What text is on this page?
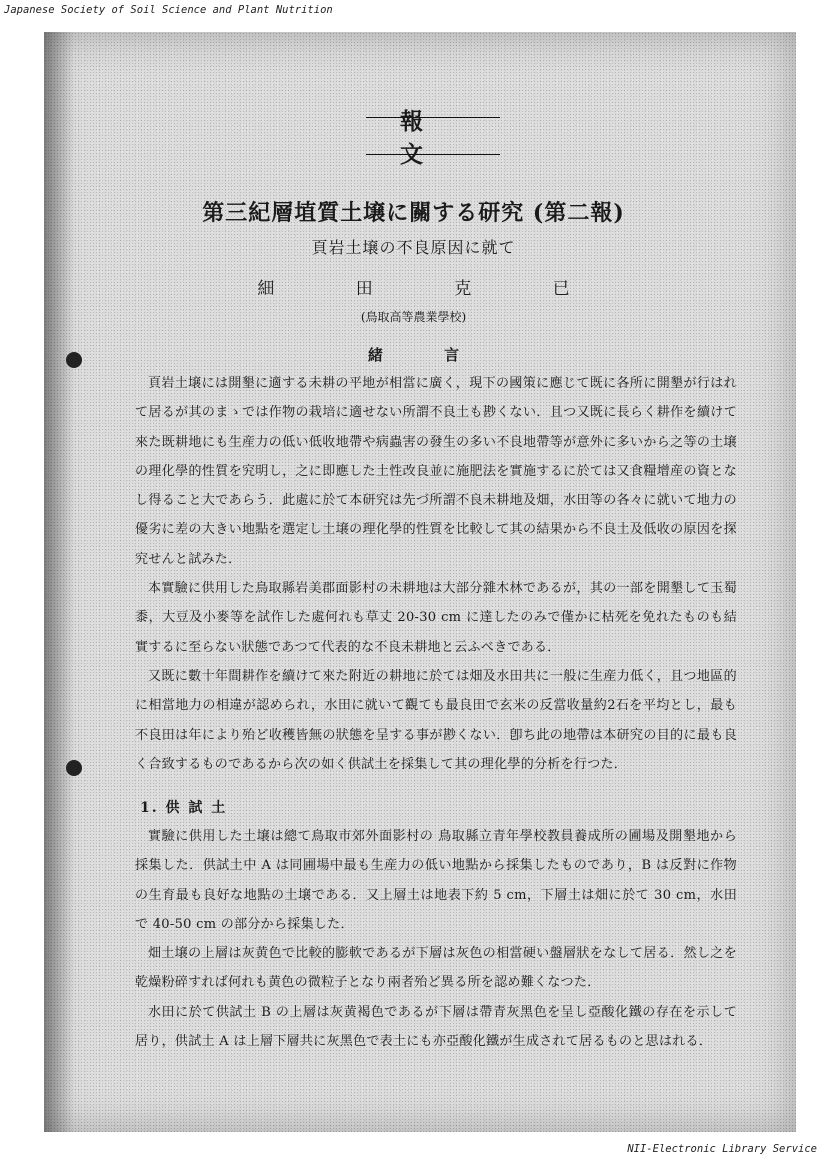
Japanese Society of Soil Science and Plant Nutrition
報 文
第三紀層埴質土壌に關する研究 (第二報)
頁岩土壌の不良原因に就て
細 田 克 已
(鳥取高等農業學校)
緒 言

頁岩土壌には開墾に適する未耕の平地が相當に廣く，現下の國策に應じて既に各所に開墾が行はれて居るが其のまゝでは作物の栽培に適せない所謂不良土も尠くない．且つ又既に長らく耕作を續けて來た既耕地にも生産力の低い低收地帶や病蟲害の發生の多い不良地帶等が意外に多いから之等の土壌の理化學的性質を究明し，之に即應した土性改良並に施肥法を實施するに於ては又食糧增産の資となし得ること大であらう．此處に於て本研究は先づ所謂不良未耕地及畑，水田等の各々に就いて地力の優劣に差の大きい地點を選定し土壌の理化學的性質を比較して其の結果から不良土及低收の原因を探究せんと試みた．

本實驗に供用した鳥取縣岩美郡面影村の未耕地は大部分雜木林であるが，其の一部を開墾して玉蜀黍，大豆及小麥等を試作した處何れも草丈 20-30 cm に達したのみで僅かに枯死を免れたものも結實するに至らない狀態であつて代表的な不良未耕地と云ふべきである．

又既に數十年間耕作を續けて來た附近の耕地に於ては畑及水田共に一般に生産力低く，且つ地區的に相當地力の相違が認められ，水田に就いて觀ても最良田で玄米の反當收量約2石を平均とし，最も不良田は年により殆ど收穫皆無の狀態を呈する事が尠くない．卽ち此の地帶は本研究の目的に最も良く合致するものであるから次の如く供試土を採集して其の理化學的分析を行つた．

1. 供 試 土

實驗に供用した土壌は總て鳥取市郊外面影村の 鳥取縣立青年學校教員養成所の圃場及開墾地から採集した．供試土中 A は同圃場中最も生産力の低い地點から採集したものであり，B は反對に作物の生育最も良好な地點の土壌である．又上層土は地表下約 5 cm，下層土は畑に於て 30 cm，水田で 40-50 cm の部分から採集した．

畑土壌の上層は灰黄色で比較的膨軟であるが下層は灰色の相當硬い盤層狀をなして居る．然し之を乾燥粉碎すれば何れも黄色の微粒子となり兩者殆ど異る所を認め難くなつた．

水田に於て供試土 B の上層は灰黄褐色であるが下層は帶青灰黑色を呈し亞酸化鐵の存在を示して居り，供試土 A は上層下層共に灰黑色で表土にも亦亞酸化鐵が生成されて居るものと思はれる．

NII-Electronic Library Service
